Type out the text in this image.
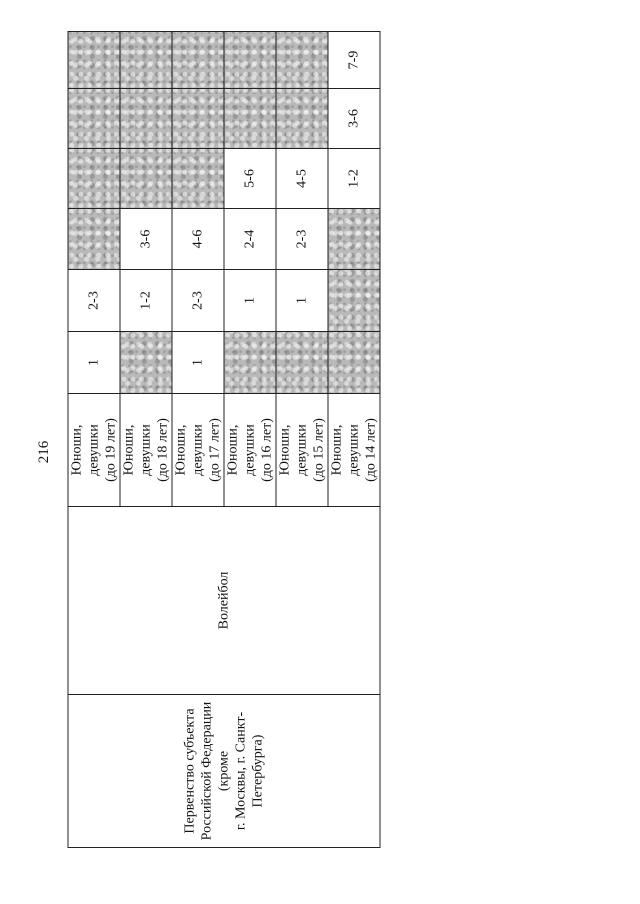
216
Первенство субъекта Российской Федерации (кроме г. Москвы, г. Санкт- Петербурга)	Волейбол	Юноши, девушки (до 19 лет)	1	2-3				

		Юноши, девушки (до 18 лет)		1-2	3-6			

		Юноши, девушки (до 17 лет)	1	2-3	4-6			

		Юноши, девушки (до 16 лет)		1	2-4	5-6		

		Юноши, девушки (до 15 лет)		1	2-3	4-5		

		Юноши, девушки (до 14 лет)				1-2	3-6	7-9
